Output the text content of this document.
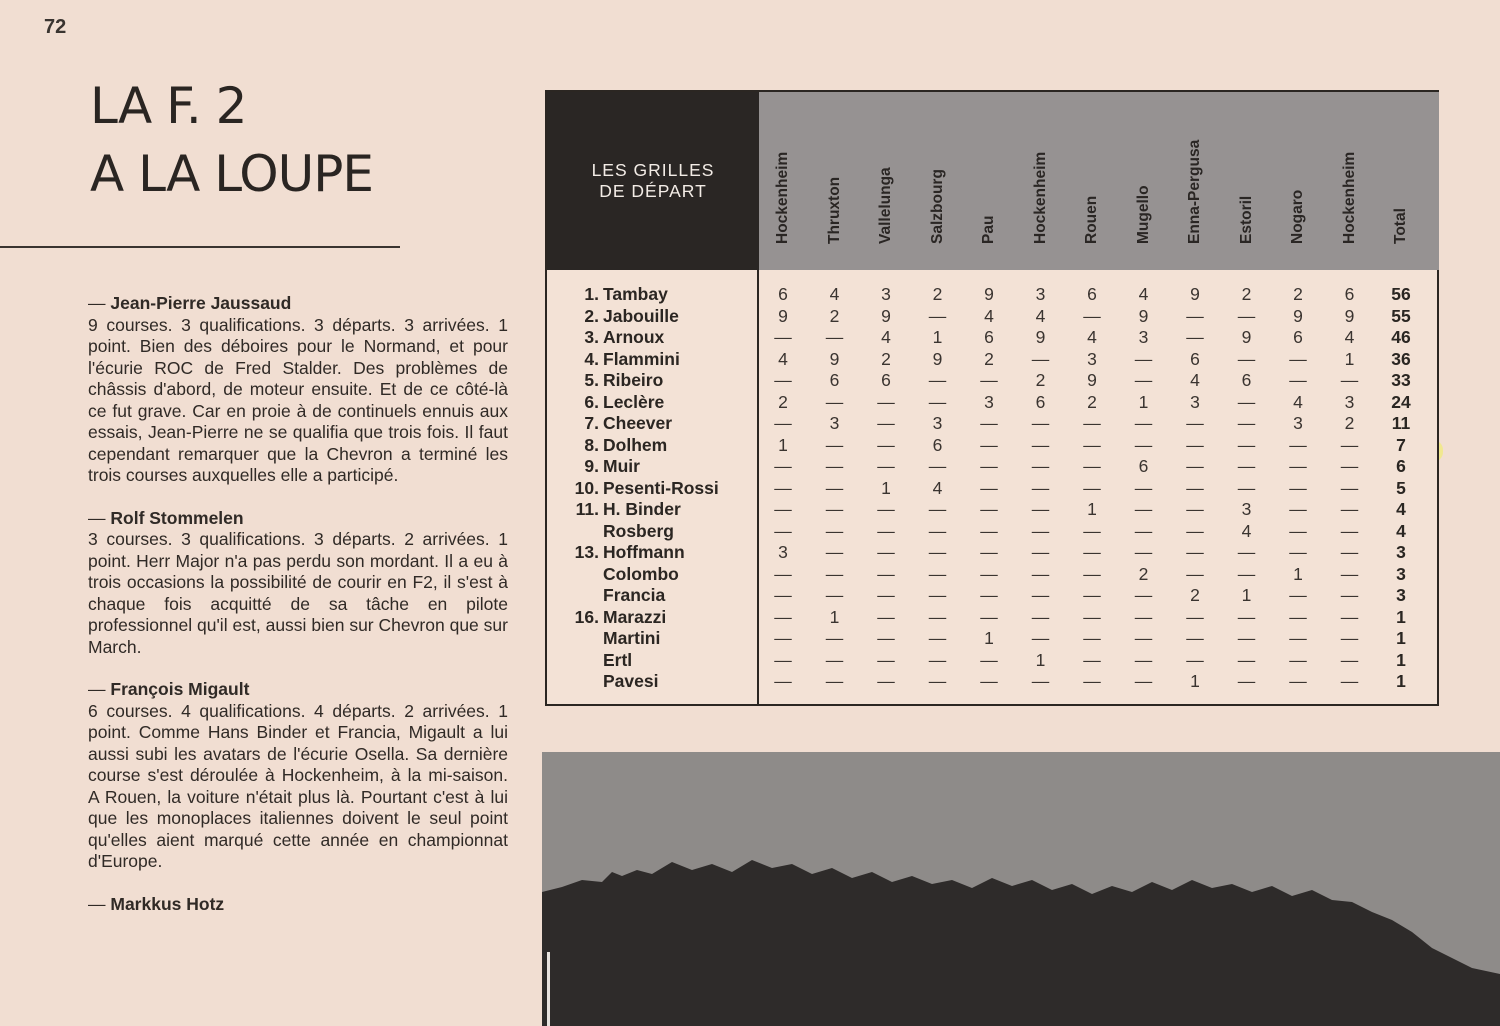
72
LA F. 2
A LA LOUPE
— Jean-Pierre Jaussaud

9 courses. 3 qualifications. 3 départs. 3 arrivées. 1 point. Bien des déboires pour le Normand, et pour l'écurie ROC de Fred Stalder. Des problèmes de châssis d'abord, de moteur ensuite. Et de ce côté-là ce fut grave. Car en proie à de continuels ennuis aux essais, Jean-Pierre ne se qualifia que trois fois. Il faut cependant remarquer que la Chevron a terminé les trois courses auxquelles elle a participé.

— Rolf Stommelen

3 courses. 3 qualifications. 3 départs. 2 arrivées. 1 point. Herr Major n'a pas perdu son mordant. Il a eu à trois occasions la possibilité de courir en F2, il s'est à chaque fois acquitté de sa tâche en pilote professionnel qu'il est, aussi bien sur Chevron que sur March.

— François Migault

6 courses. 4 qualifications. 4 départs. 2 arrivées. 1 point. Comme Hans Binder et Francia, Migault a lui aussi subi les avatars de l'écurie Osella. Sa dernière course s'est déroulée à Hockenheim, à la mi-saison. A Rouen, la voiture n'était plus là. Pourtant c'est à lui que les monoplaces italiennes doivent le seul point qu'elles aient marqué cette année en championnat d'Europe.

— Markkus Hotz
LES GRILLES
DE DÉPART	Hockenheim Thruxton Vallelunga Salzbourg Pau Hockenheim Rouen Mugello Enna-Pergusa Estoril Nogaro Hockenheim Total
1. Tambay	6	4	3	2	9	3	6	4	9	2	2	6	56
2. Jabouille	9	2	9	—	4	4	—	9	—	—	9	9	55
3. Arnoux	—	—	4	1	6	9	4	3	—	9	6	4	46
4. Flammini	4	9	2	9	2	—	3	—	6	—	—	1	36
5. Ribeiro	—	6	6	—	—	2	9	—	4	6	—	—	33
6. Leclère	2	—	—	—	3	6	2	1	3	—	4	3	24
7. Cheever	—	3	—	3	—	—	—	—	—	—	3	2	11
8. Dolhem	1	—	—	6	—	—	—	—	—	—	—	—	7
9. Muir	—	—	—	—	—	—	—	6	—	—	—	—	6
10. Pesenti-Rossi	—	—	1	4	—	—	—	—	—	—	—	—	5
11. H. Binder	—	—	—	—	—	—	1	—	—	3	—	—	4
Rosberg	—	—	—	—	—	—	—	—	—	4	—	—	4
13. Hoffmann	3	—	—	—	—	—	—	—	—	—	—	—	3
Colombo	—	—	—	—	—	—	—	2	—	—	1	—	3
Francia	—	—	—	—	—	—	—	—	2	1	—	—	3
16. Marazzi	—	1	—	—	—	—	—	—	—	—	—	—	1
Martini	—	—	—	—	1	—	—	—	—	—	—	—	1
Ertl	—	—	—	—	—	1	—	—	—	—	—	—	1
Pavesi	—	—	—	—	—	—	—	—	1	—	—	—	1
